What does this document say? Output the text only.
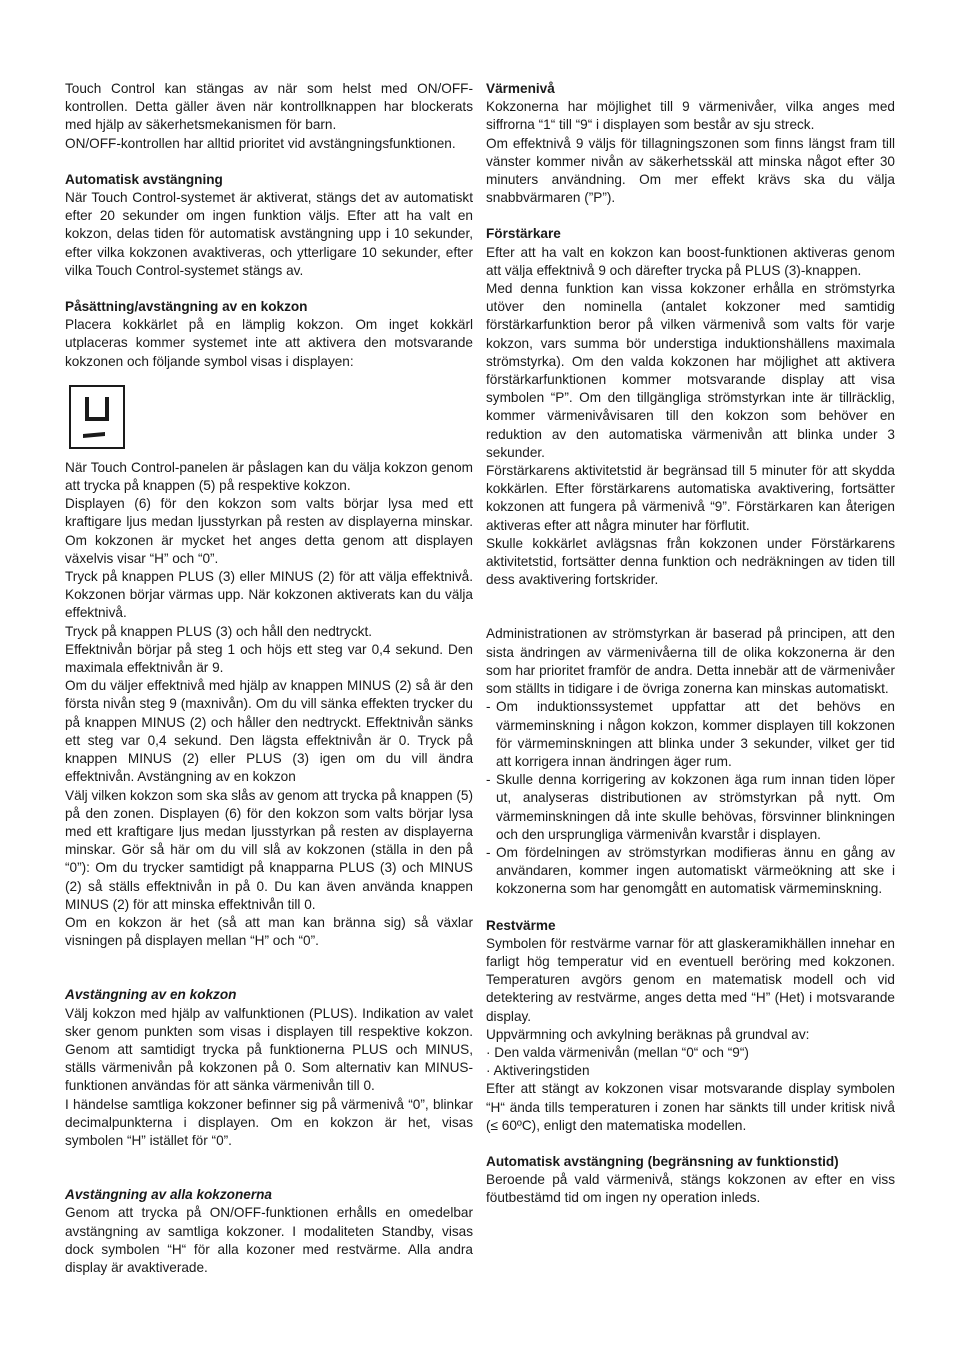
Touch Control kan stängas av när som helst med ON/OFF-kontrollen. Detta gäller även när kontrollknappen har blockerats med hjälp av säkerhetsmekanismen för barn.

ON/OFF-kontrollen har alltid prioritet vid avstängningsfunktionen.

Automatisk avstängning

När Touch Control-systemet är aktiverat, stängs det av automatiskt efter 20 sekunder om ingen funktion väljs. Efter att ha valt en kokzon, delas tiden för automatisk avstängning upp i 10 sekunder, efter vilka kokzonen avaktiveras, och ytterligare 10 sekunder, efter vilka Touch Control-systemet stängs av.

Påsättning/avstängning av en kokzon

Placera kokkärlet på en lämplig kokzon. Om inget kokkärl utplaceras kommer systemet inte att aktivera den motsvarande kokzonen och följande symbol visas i displayen:

När Touch Control-panelen är påslagen kan du välja kokzon genom att trycka på knappen (5) på respektive kokzon.

Displayen (6) för den kokzon som valts börjar lysa med ett kraftigare ljus medan ljusstyrkan på resten av displayerna minskar. Om kokzonen är mycket het anges detta genom att displayen växelvis visar “H” och “0”.

Tryck på knappen PLUS (3) eller MINUS (2) för att välja effektnivå. Kokzonen börjar värmas upp. När kokzonen aktiverats kan du välja effektnivå.

Tryck på knappen PLUS (3) och håll den nedtryckt.

Effektnivån börjar på steg 1 och höjs ett steg var 0,4 sekund. Den maximala effektnivån är 9.

Om du väljer effektnivå med hjälp av knappen MINUS (2) så är den första nivån steg 9 (maxnivån). Om du vill sänka effekten trycker du på knappen MINUS (2) och håller den nedtryckt. Effektnivån sänks ett steg var 0,4 sekund. Den lägsta effektnivån är 0. Tryck på knappen MINUS (2) eller PLUS (3) igen om du vill ändra effektnivån. Avstängning av en kokzon

Välj vilken kokzon som ska slås av genom att trycka på knappen (5) på den zonen. Displayen (6) för den kokzon som valts börjar lysa med ett kraftigare ljus medan ljusstyrkan på resten av displayerna minskar. Gör så här om du vill slå av kokzonen (ställa in den på “0”): Om du trycker samtidigt på knapparna PLUS (3) och MINUS (2) så ställs effektnivån in på 0. Du kan även använda knappen MINUS (2) för att minska effektnivån till 0.

Om en kokzon är het (så att man kan bränna sig) så växlar visningen på displayen mellan “H” och “0”.

Avstängning av en kokzon

Välj kokzon med hjälp av valfunktionen (PLUS). Indikation av valet sker genom punkten som visas i displayen till respektive kokzon. Genom att samtidigt trycka på funktionerna PLUS och MINUS, ställs värmenivån på kokzonen på 0. Som alternativ kan MINUS-funktionen användas för att sänka värmenivån till 0.

I händelse samtliga kokzoner befinner sig på värmenivå “0”, blinkar decimalpunkterna i displayen. Om en kokzon är het, visas symbolen “H” istället för “0”.

Avstängning av alla kokzonerna

Genom att trycka på ON/OFF-funktionen erhålls en omedelbar avstängning av samtliga kokzoner. I modaliteten Standby, visas dock symbolen “H“ för alla kozoner med restvärme. Alla andra display är avaktiverade.

Värmenivå

Kokzonerna har möjlighet till 9 värmenivåer, vilka anges med siffrorna “1“ till “9“ i displayen som består av sju streck.

Om effektnivå 9 väljs för tillagningszonen som finns längst fram till vänster kommer nivån av säkerhetsskäl att minska något efter 30 minuters användning. Om mer effekt krävs ska du välja snabbvärmaren (”P”).

Förstärkare

Efter att ha valt en kokzon kan boost-funktionen aktiveras genom att välja effektnivå 9 och därefter trycka på PLUS (3)-knappen.

Med denna funktion kan vissa kokzoner erhålla en strömstyrka utöver den nominella (antalet kokzoner med samtidig förstärkarfunktion beror på vilken värmenivå som valts för varje kokzon, vars summa bör understiga induktionshällens maximala strömstyrka). Om den valda kokzonen har möjlighet att aktivera förstärkarfunktionen kommer motsvarande display att visa symbolen “P”. Om den tillgängliga strömstyrkan inte är tillräcklig, kommer värmenivåvisaren till den kokzon som behöver en reduktion av den automatiska värmenivån att blinka under 3 sekunder.

Förstärkarens aktivitetstid är begränsad till 5 minuter för att skydda kokkärlen. Efter förstärkarens automatiska avaktivering, fortsätter kokzonen att fungera på värmenivå “9”. Förstärkaren kan återigen aktiveras efter att några minuter har förflutit.

Skulle kokkärlet avlägsnas från kokzonen under Förstärkarens aktivitetstid, fortsätter denna funktion och nedräkningen av tiden till dess avaktivering fortskrider.

Administrationen av strömstyrkan är baserad på principen, att den sista ändringen av värmenivåerna till de olika kokzonerna är den som har prioritet framför de andra. Detta innebär att de värmenivåer som ställts in tidigare i de övriga zonerna kan minskas automatiskt.

- Om induktionssystemet uppfattar att det behövs en värmeminskning i någon kokzon, kommer displayen till kokzonen för värmeminskningen att blinka under 3 sekunder, vilket ger tid att korrigera innan ändringen äger rum.
- Skulle denna korrigering av kokzonen äga rum innan tiden löper ut, analyseras distributionen av strömstyrkan på nytt. Om värmeminskningen då inte skulle behövas, försvinner blinkningen och den ursprungliga värmenivån kvarstår i displayen.
- Om fördelningen av strömstyrkan modifieras ännu en gång av användaren, kommer ingen automatiskt värmeökning att ske i kokzonerna som har genomgått en automatisk värmeminskning.

Restvärme

Symbolen för restvärme varnar för att glaskeramikhällen innehar en farligt hög temperatur vid en eventuell beröring med kokzonen. Temperaturen avgörs genom en matematisk modell och vid detektering av restvärme, anges detta med “H” (Het) i motsvarande display.

Uppvärmning och avkylning beräknas på grundval av:

· Den valda värmenivån (mellan “0“ och “9“)

· Aktiveringstiden

Efter att stängt av kokzonen visar motsvarande display symbolen “H“ ända tills temperaturen i zonen har sänkts till under kritisk nivå (≤ 60ºC), enligt den matematiska modellen.

Automatisk avstängning (begränsning av funktionstid)

Beroende på vald värmenivå, stängs kokzonen av efter en viss föutbestämd tid om ingen ny operation inleds.
